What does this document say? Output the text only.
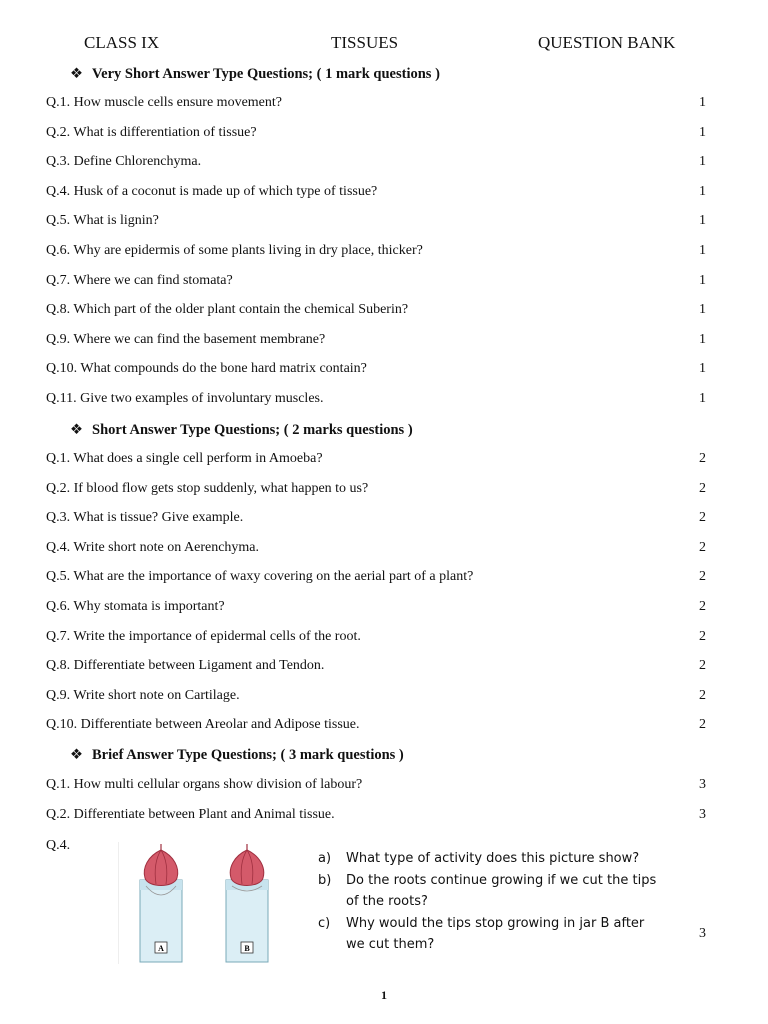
CLASS IX	TISSUES	QUESTION BANK
❖ Very Short Answer Type Questions; ( 1 mark questions )
❖ Short Answer Type Questions; ( 2 marks questions )
❖ Brief Answer Type Questions; ( 3 mark questions )
Q.1. How muscle cells ensure movement?	1
Q.2. What is differentiation of tissue?	1
Q.3. Define Chlorenchyma.	1
Q.4. Husk of a coconut is made up of which type of tissue?	1
Q.5. What is lignin?	1
Q.6. Why are epidermis of some plants living in dry place, thicker?	1
Q.7. Where we can find stomata?	1
Q.8. Which part of the older plant contain the chemical Suberin?	1
Q.9. Where we can find the basement membrane?	1
Q.10. What compounds do the bone hard matrix contain?	1
Q.11. Give two examples of involuntary muscles.	1
Q.1. What does a single cell perform in Amoeba?	2
Q.2. If blood flow gets stop suddenly, what happen to us?	2
Q.3. What is tissue? Give example.	2
Q.4. Write short note on Aerenchyma.	2
Q.5. What are the importance of waxy covering on the aerial part of a plant?	2
Q.6. Why stomata is important?	2
Q.7. Write the importance of epidermal cells of the root.	2
Q.8. Differentiate between Ligament and Tendon.	2
Q.9. Write short note on Cartilage.	2
Q.10. Differentiate between Areolar and Adipose tissue.	2
Q.1. How multi cellular organs show division of labour?	3
Q.2. Differentiate between Plant and Animal tissue.	3
Q.4.
A	B
a)	What type of activity does this picture show?
b)	Do the roots continue growing if we cut the tips of the roots?
c)	Why would the tips stop growing in jar B after we cut them?
3
1
